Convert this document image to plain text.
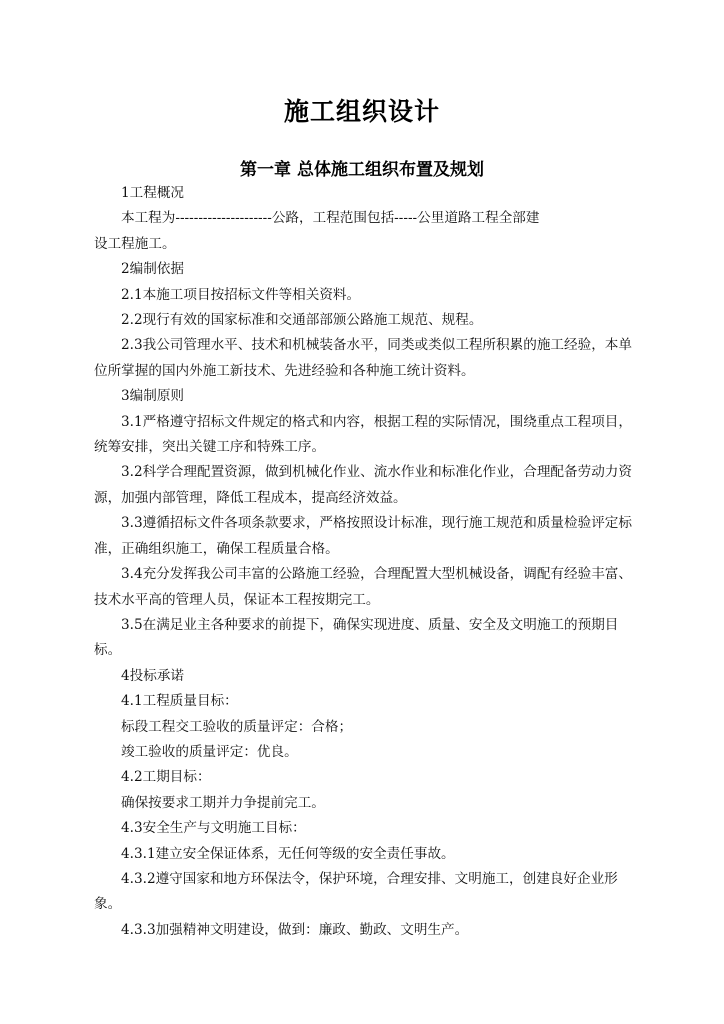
施工组织设计
第一章 总体施工组织布置及规划

1工程概况

本工程为---------------------公路，工程范围包括-----公里道路工程全部建

设工程施工。

2编制依据

2.1本施工项目按招标文件等相关资料。

2.2现行有效的国家标准和交通部部颁公路施工规范、规程。

2.3我公司管理水平、技术和机械装备水平，同类或类似工程所积累的施工经验，本单位所掌握的国内外施工新技术、先进经验和各种施工统计资料。

3编制原则

3.1严格遵守招标文件规定的格式和内容，根据工程的实际情况，围绕重点工程项目，统筹安排，突出关键工序和特殊工序。

3.2科学合理配置资源，做到机械化作业、流水作业和标准化作业，合理配备劳动力资源，加强内部管理，降低工程成本，提高经济效益。

3.3遵循招标文件各项条款要求，严格按照设计标准，现行施工规范和质量检验评定标准，正确组织施工，确保工程质量合格。

3.4充分发挥我公司丰富的公路施工经验，合理配置大型机械设备，调配有经验丰富、技术水平高的管理人员，保证本工程按期完工。

3.5在满足业主各种要求的前提下，确保实现进度、质量、安全及文明施工的预期目标。

4投标承诺

4.1工程质量目标：

标段工程交工验收的质量评定：合格；

竣工验收的质量评定：优良。

4.2工期目标：

确保按要求工期并力争提前完工。

4.3安全生产与文明施工目标：

4.3.1建立安全保证体系，无任何等级的安全责任事故。

4.3.2遵守国家和地方环保法令，保护环境，合理安排、文明施工，创建良好企业形象。

4.3.3加强精神文明建设，做到：廉政、勤政、文明生产。
